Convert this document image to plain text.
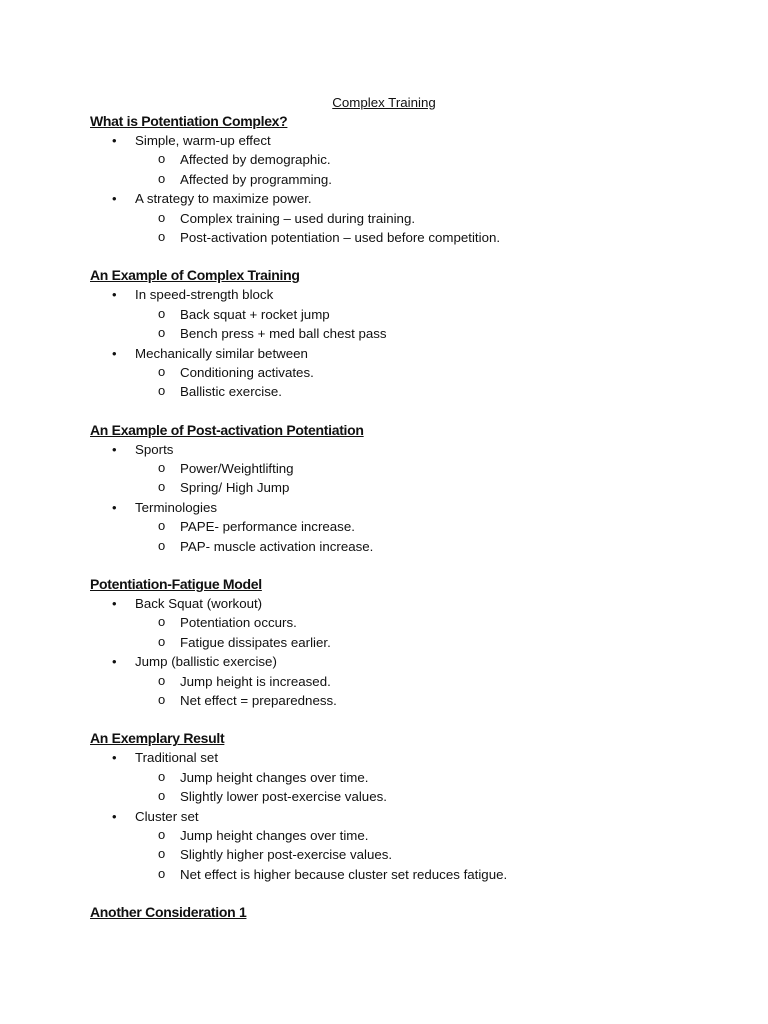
Complex Training
What is Potentiation Complex?
• Simple, warm-up effect
o Affected by demographic.
o Affected by programming.
• A strategy to maximize power.
o Complex training – used during training.
o Post-activation potentiation – used before competition.
An Example of Complex Training
• In speed-strength block
o Back squat + rocket jump
o Bench press + med ball chest pass
• Mechanically similar between
o Conditioning activates.
o Ballistic exercise.
An Example of Post-activation Potentiation
• Sports
o Power/Weightlifting
o Spring/ High Jump
• Terminologies
o PAPE- performance increase.
o PAP- muscle activation increase.
Potentiation-Fatigue Model
• Back Squat (workout)
o Potentiation occurs.
o Fatigue dissipates earlier.
• Jump (ballistic exercise)
o Jump height is increased.
o Net effect = preparedness.
An Exemplary Result
• Traditional set
o Jump height changes over time.
o Slightly lower post-exercise values.
• Cluster set
o Jump height changes over time.
o Slightly higher post-exercise values.
o Net effect is higher because cluster set reduces fatigue.
Another Consideration 1
